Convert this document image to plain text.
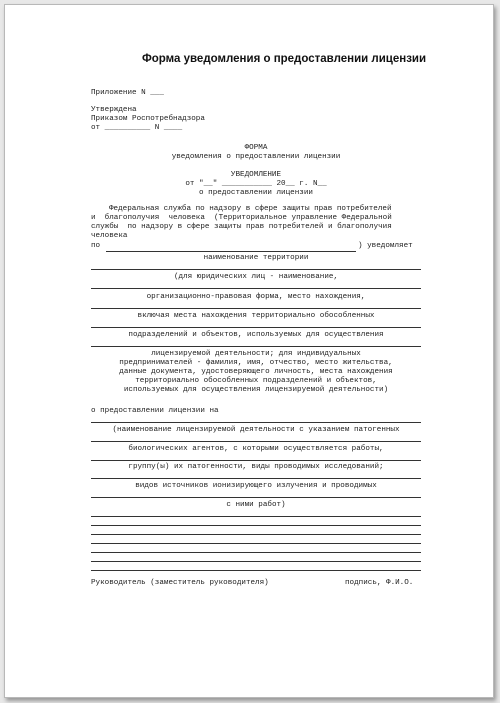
Форма уведомления о предоставлении лицензии
Приложение N ___
Утверждена
Приказом Роспотребнадзора
от __________ N ____
ФОРМА
уведомления о предоставлении лицензии
УВЕДОМЛЕНИЕ
от "__" ___________ 20__ г. N__
о предоставлении лицензии
Федеральная служба по надзору в сфере защиты прав потребителей
и  благополучия  человека  (Территориальное управление Федеральной
службы  по надзору в сфере защиты прав потребителей и благополучия
человека
по	) уведомляет
наименование территории
(для юридических лиц - наименование,
организационно-правовая форма, место нахождения,
включая места нахождения территориально обособленных
подразделений и объектов, используемых для осуществления
лицензируемой деятельности; для индивидуальных
предпринимателей - фамилия, имя, отчество, место жительства,
данные документа, удостоверяющего личность, места нахождения
территориально обособленных подразделений и объектов,
используемых для осуществления лицензируемой деятельности)
о предоставлении лицензии на
(наименование лицензируемой деятельности с указанием патогенных
биологических агентов, с которыми осуществляется работы,
группу(ы) их патогенности, виды проводимых исследований;
видов источников ионизирующего излучения и проводимых
с ними работ)
Руководитель (заместитель руководителя)	подпись, Ф.И.О.
